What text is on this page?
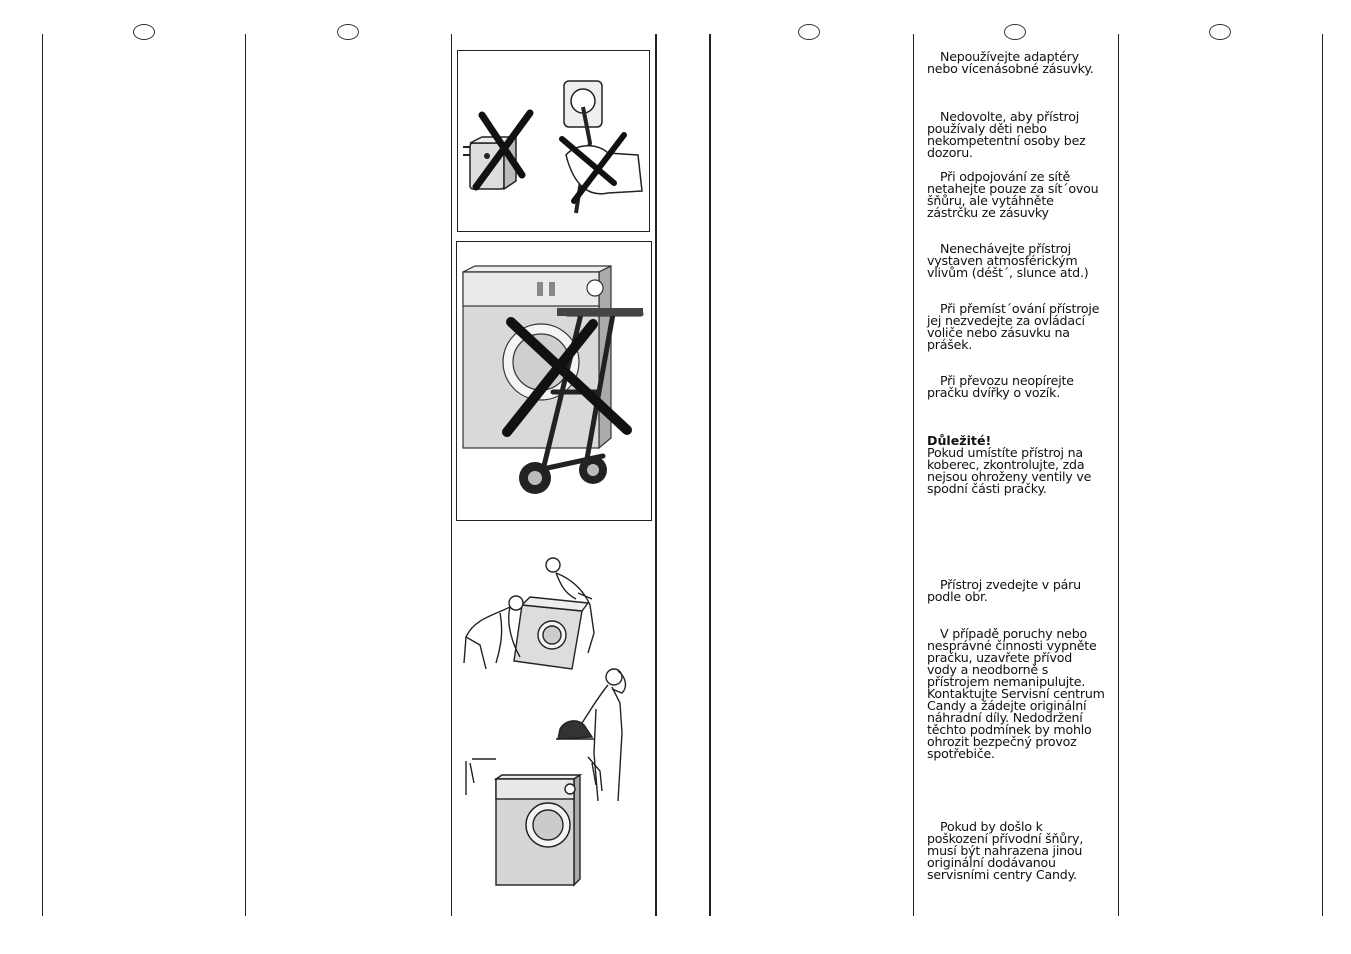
Nepoužívejte adaptéry
nebo vícenásobné zásuvky.
Nedovolte, aby přístroj
používaly děti nebo
nekompetentní osoby bez
dozoru.
Při odpojování ze sítě
netahejte pouze za sít´ovou
šňůru, ale vytáhněte
zástrčku ze zásuvky
Nenechávejte přístroj
vystaven atmosférickým
vlivům (déšt´, slunce atd.)
Při přemíst´ování přístroje
jej nezvedejte za ovládací
voliče nebo zásuvku na
prášek.
Při převozu neopírejte
pračku dvířky o vozík.
Důležité!
Pokud umístíte přístroj na
koberec, zkontrolujte, zda
nejsou ohroženy ventily ve
spodní části pračky.
Přístroj zvedejte v páru
podle obr.
V případě poruchy nebo
nesprávné činnosti vypněte
pračku, uzavřete přívod
vody a neodborně s
přístrojem nemanipulujte.
Kontaktujte Servisní centrum
Candy a žádejte originální
náhradní díly. Nedodržení
těchto podmínek by mohlo
ohrozit bezpečný provoz
spotřebiče.
Pokud by došlo k
poškození přívodní šňůry,
musí být nahrazena jinou
originální dodávanou
servisními centry Candy.
